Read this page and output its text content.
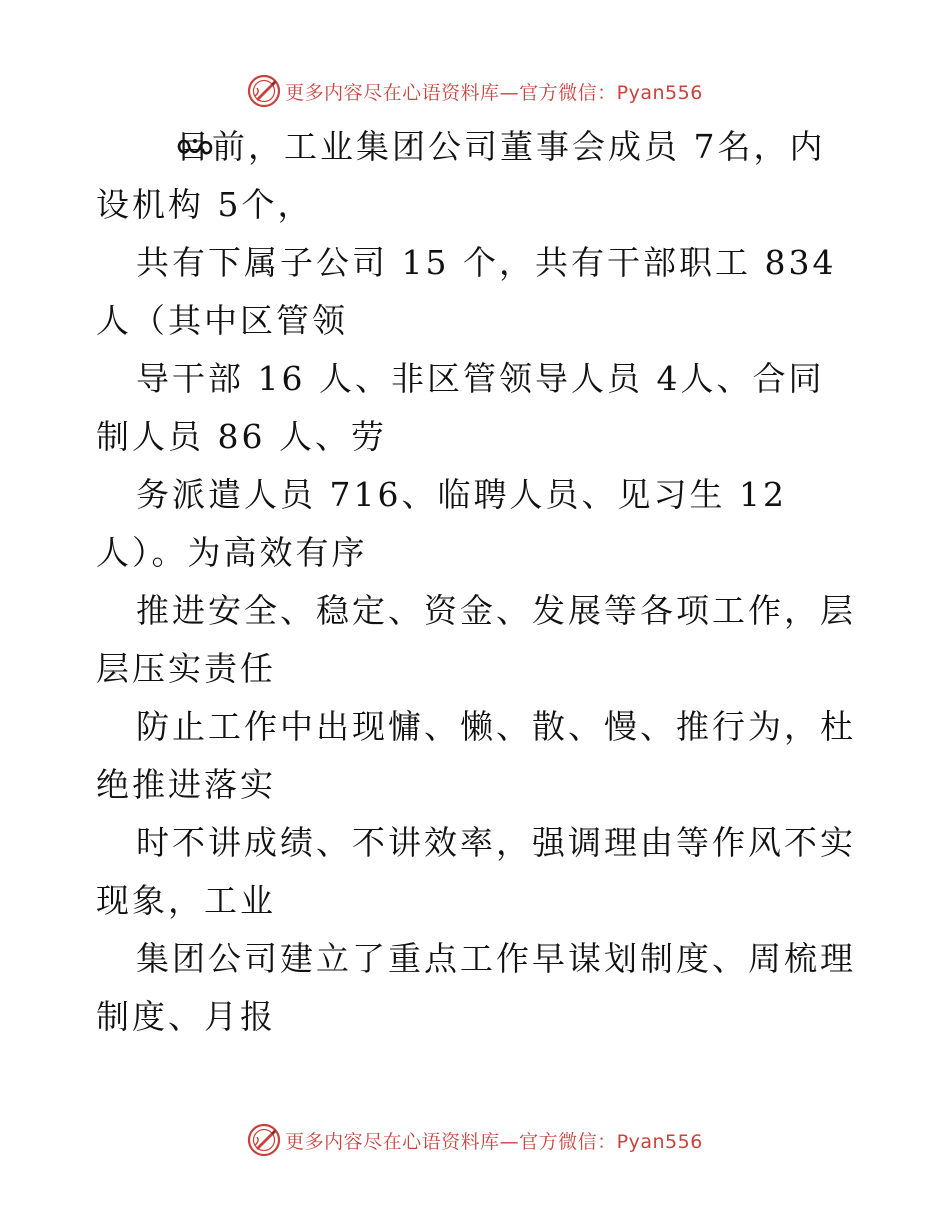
更多内容尽在心语资料库—官方微信：Pyan556

目前，工业集团公司董事会成员 7名，内设机构 5个，

共有下属子公司 15 个，共有干部职工 834 人（其中区管领

导干部 16 人、非区管领导人员 4人、合同制人员 86 人、劳

务派遣人员 716、临聘人员、见习生 12 人）。为高效有序

推进安全、稳定、资金、发展等各项工作，层层压实责任

防止工作中出现慵、懒、散、慢、推行为，杜绝推进落实

时不讲成绩、不讲效率，强调理由等作风不实现象，工业

集团公司建立了重点工作早谋划制度、周梳理制度、月报

更多内容尽在心语资料库—官方微信：Pyan556
